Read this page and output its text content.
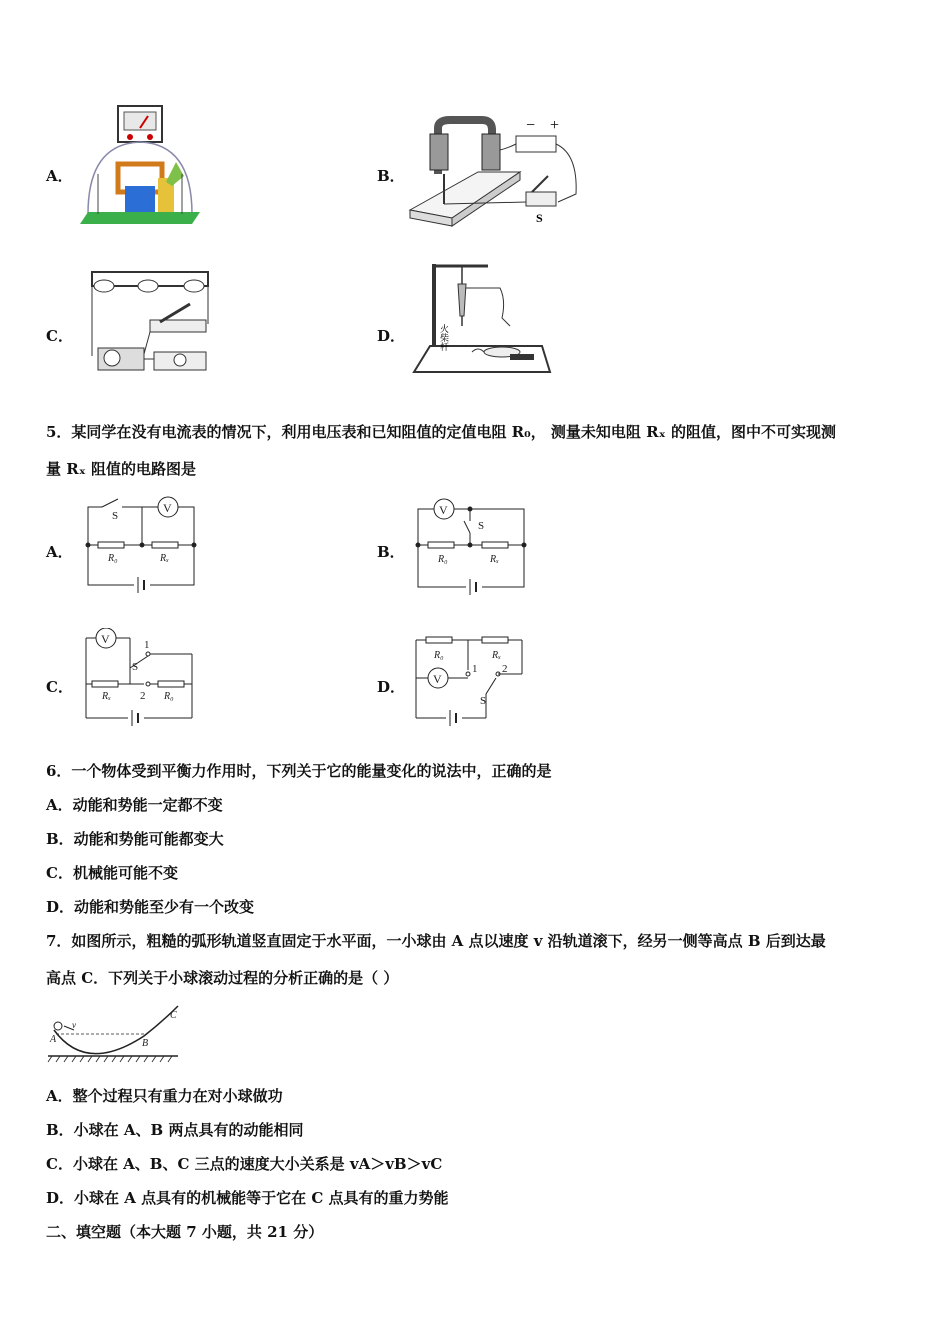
A．	B．
− +
S
C．	D．	火柴杆
5．某同学在没有电流表的情况下，利用电压表和已知阻值的定值电阻 R₀， 测量未知电阻 Rₓ 的阻值，图中不可实现测
量 Rₓ 阻值的电路图是
A．
V
S
R₀	Rₓ	B．
V
S
R₀	Rₓ
C．
V	1
S
Rₓ	2 R₀
D．
R₀	Rₓ
V
1 2
S
6．一个物体受到平衡力作用时，下列关于它的能量变化的说法中，正确的是
A．动能和势能一定都不变
B．动能和势能可能都变大
C．机械能可能不变
D．动能和势能至少有一个改变
7．如图所示，粗糙的弧形轨道竖直固定于水平面，一小球由 A 点以速度 v 沿轨道滚下，经另一侧等高点 B 后到达最
高点 C．下列关于小球滚动过程的分析正确的是（ ）
v
A	B
C
A．整个过程只有重力在对小球做功
B．小球在 A、B 两点具有的动能相同
C．小球在 A、B、C 三点的速度大小关系是 vA＞vB＞vC
D．小球在 A 点具有的机械能等于它在 C 点具有的重力势能
二、填空题（本大题 7 小题，共 21 分）
